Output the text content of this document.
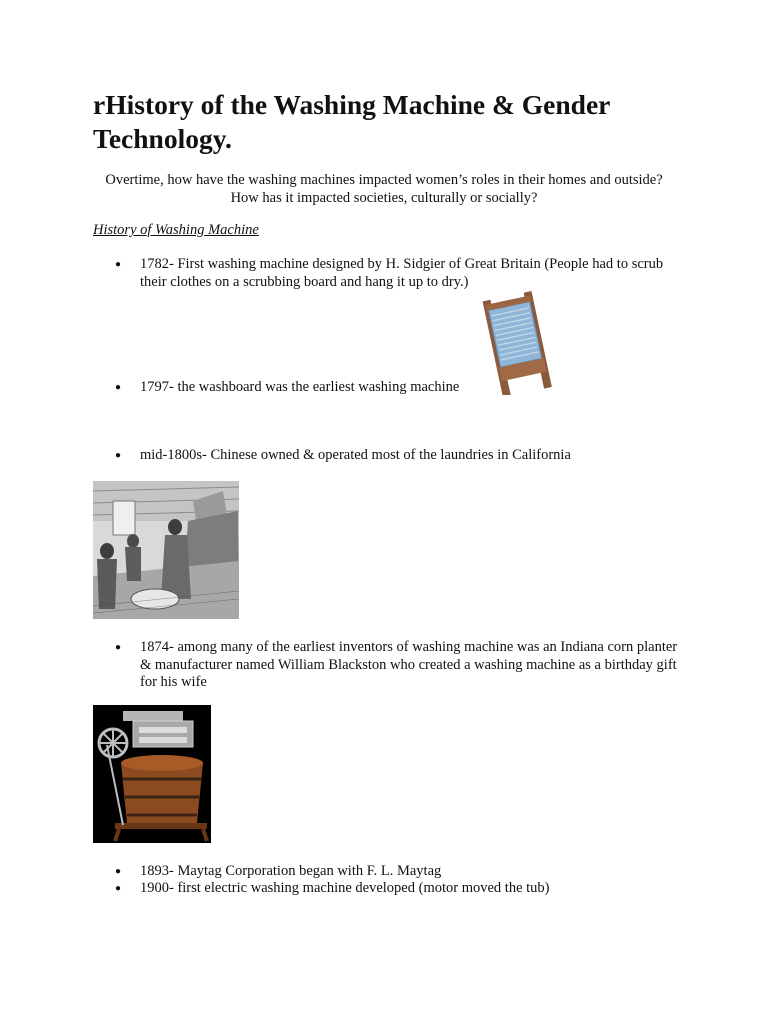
rHistory of the Washing Machine & Gender Technology.
Overtime, how have the washing machines impacted women’s roles in their homes and outside? How has it impacted societies, culturally or socially?
History of Washing Machine
●	1782- First washing machine designed by H. Sidgier of Great Britain (People had to scrub their clothes on a scrubbing board and hang it up to dry.)
●	1797- the washboard was the earliest washing machine
●	mid-1800s- Chinese owned & operated most of the laundries in California
●	1874- among many of the earliest inventors of washing machine was an Indiana corn planter & manufacturer named William Blackston who created a washing machine as a birthday gift for his wife
●	1893- Maytag Corporation began with F. L. Maytag
●	1900- first electric washing machine developed (motor moved the tub)
